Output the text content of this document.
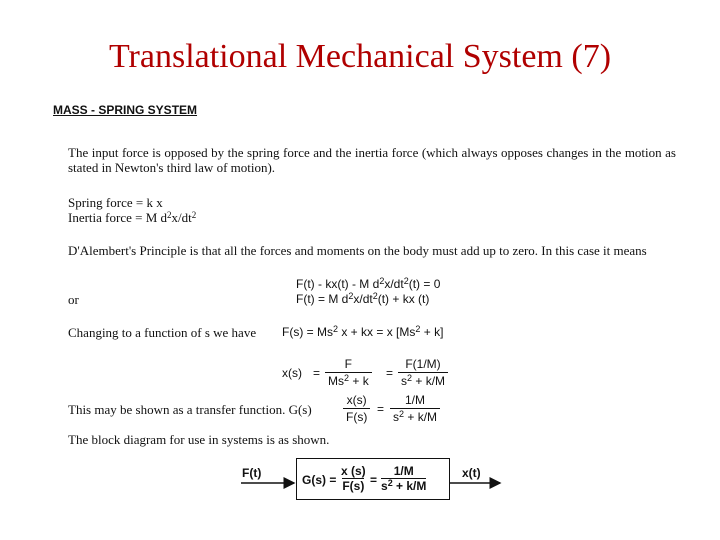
Translational Mechanical System (7)
MASS - SPRING SYSTEM
The input force is opposed by the spring force and the inertia force (which always opposes changes in the motion as stated in Newton's third law of motion).
Spring force = k x
Inertia force = M $d^2x/dt^2$
D'Alembert's Principle is that all the forces and moments on the body must add up to zero. In this case it means
F(t) - kx(t) - M $d^2x/dt^2(t) = 0$
or	F(t) = M $d^2x/dt^2(t)$ + kx (t)
Changing to a function of s we have $F(s) = Ms^2$ x + kx = x $[Ms^2 + k]$
$x(s) = \frac{F}{Ms^2 + k} = \frac{F(1/M)}{s^2 + k/M}$
This may be shown as a transfer function. G(s)	$\frac{x(s)}{F(s)} = \frac{1/M}{s^2 + k/M}$
The block diagram for use in systems is as shown.
F(t)	x(t)
$G(s) = \frac{x (s)}{F(s)} = \frac{1/M}{s^2 + k/M}$
